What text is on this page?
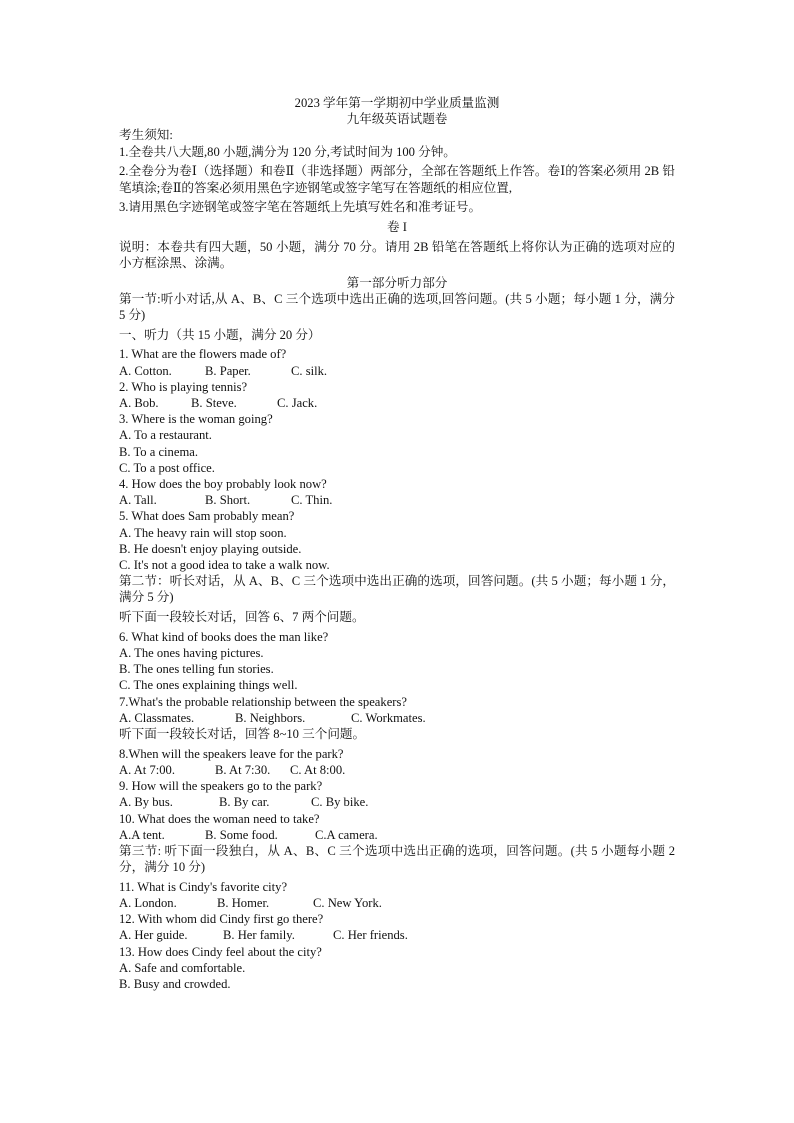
2023 学年第一学期初中学业质量监测
九年级英语试题卷
考生须知:
1.全卷共八大题,80 小题,满分为 120 分,考试时间为 100 分钟。
2.全卷分为卷Ⅰ（选择题）和卷Ⅱ（非选择题）两部分，全部在答题纸上作答。卷Ⅰ的答案必须用 2B 铅笔填涂;卷Ⅱ的答案必须用黑色字迹钢笔或签字笔写在答题纸的相应位置,
3.请用黑色字迹钢笔或签字笔在答题纸上先填写姓名和准考证号。
卷 I
说明：本卷共有四大题，50 小题，满分 70 分。请用 2B 铅笔在答题纸上将你认为正确的选项对应的小方框涂黑、涂满。
第一部分听力部分
第一节:听小对话,从 A、B、C 三个选项中选出正确的选项,回答问题。(共 5 小题；每小题 1 分，满分 5 分)
一、听力（共 15 小题，满分 20 分）
1. What are the flowers made of?
A. Cotton.	B. Paper.	C. silk.
2. Who is playing tennis?
A. Bob.	B. Steve.	C. Jack.
3. Where is the woman going?
A. To a restaurant.
B. To a cinema.
C. To a post office.
4. How does the boy probably look now?
A. Tall.	B. Short.	C. Thin.
5. What does Sam probably mean?
A. The heavy rain will stop soon.
B. He doesn't enjoy playing outside.
C. It's not a good idea to take a walk now.
第二节：听长对话，从 A、B、C 三个选项中选出正确的选项，回答问题。(共 5 小题；每小题 1 分，满分 5 分)
听下面一段较长对话，回答 6、7 两个问题。
6. What kind of books does the man like?
A. The ones having pictures.
B. The ones telling fun stories.
C. The ones explaining things well.
7.What's the probable relationship between the speakers?
A. Classmates.	B. Neighbors.	C. Workmates.
听下面一段较长对话，回答 8~10 三个问题。
8.When will the speakers leave for the park?
A. At 7:00.	B. At 7:30. C. At 8:00.
9. How will the speakers go to the park?
A. By bus.	B. By car.	C. By bike.
10. What does the woman need to take?
A.A tent.	B. Some food.	C.A camera.
第三节: 听下面一段独白，从 A、B、C 三个选项中选出正确的选项，回答问题。(共 5 小题每小题 2 分，满分 10 分)
11. What is Cindy's favorite city?
A. London.	B. Homer.	C. New York.
12. With whom did Cindy first go there?
A. Her guide.	B. Her family.	C. Her friends.
13. How does Cindy feel about the city?
A. Safe and comfortable.
B. Busy and crowded.
